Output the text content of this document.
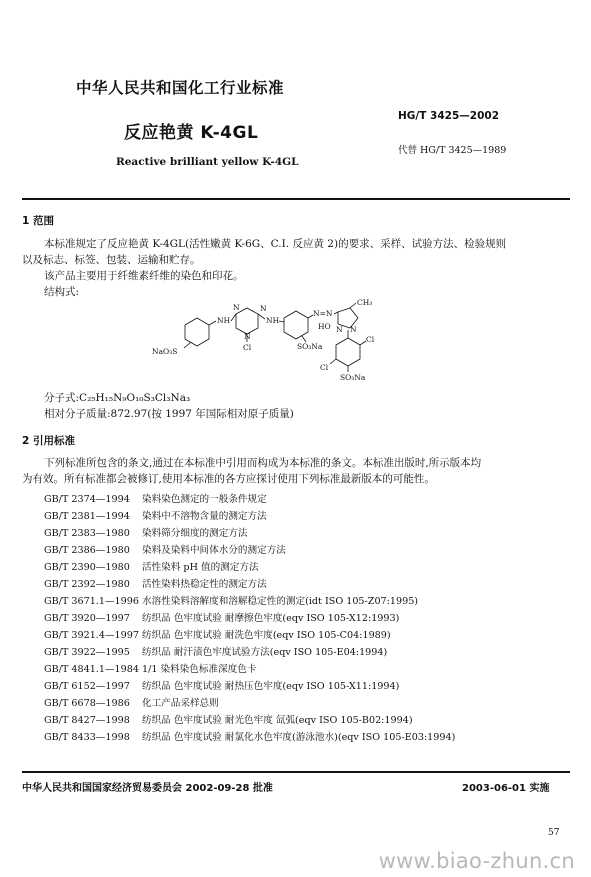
中华人民共和国化工行业标准
HG/T 3425—2002
反应艳黄 K-4GL
代替 HG/T 3425—1989
Reactive brilliant yellow K-4GL
1 范围
本标准规定了反应艳黄 K-4GL(活性嫩黄 K-6G、C.I. 反应黄 2)的要求、采样、试验方法、检验规则
以及标志、标签、包装、运输和贮存。
该产品主要用于纤维素纤维的染色和印花。
结构式:
NH
N	N
N
Cl
NH
NaO₃S
N=N
SO₃Na
CH₃
HO N N
Cl
Cl
SO₃Na
分子式:C₂₅H₁₅N₉O₁₀S₃Cl₃Na₃
相对分子质量:872.97(按 1997 年国际相对原子质量)
2 引用标准
下列标准所包含的条文,通过在本标准中引用而构成为本标准的条文。本标准出版时,所示版本均
为有效。所有标准都会被修订,使用本标准的各方应探讨使用下列标准最新版本的可能性。
GB/T 2374—1994 染料染色测定的一般条件规定
GB/T 2381—1994 染料中不溶物含量的测定方法
GB/T 2383—1980 染料筛分细度的测定方法
GB/T 2386—1980 染料及染料中间体水分的测定方法
GB/T 2390—1980 活性染料 pH 值的测定方法
GB/T 2392—1980 活性染料热稳定性的测定方法
GB/T 3671.1—1996 水溶性染料溶解度和溶解稳定性的测定(idt ISO 105-Z07:1995)
GB/T 3920—1997 纺织品 色牢度试验 耐摩擦色牢度(eqv ISO 105-X12:1993)
GB/T 3921.4—1997 纺织品 色牢度试验 耐洗色牢度(eqv ISO 105-C04:1989)
GB/T 3922—1995 纺织品 耐汗渍色牢度试验方法(eqv ISO 105-E04:1994)
GB/T 4841.1—1984 1/1 染料染色标准深度色卡
GB/T 6152—1997 纺织品 色牢度试验 耐热压色牢度(eqv ISO 105-X11:1994)
GB/T 6678—1986 化工产品采样总则
GB/T 8427—1998 纺织品 色牢度试验 耐光色牢度 氙弧(eqv ISO 105-B02:1994)
GB/T 8433—1998 纺织品 色牢度试验 耐氯化水色牢度(游泳池水)(eqv ISO 105-E03:1994)
中华人民共和国国家经济贸易委员会 2002-09-28 批准	2003-06-01 实施
57
www.biao-zhun.cn
